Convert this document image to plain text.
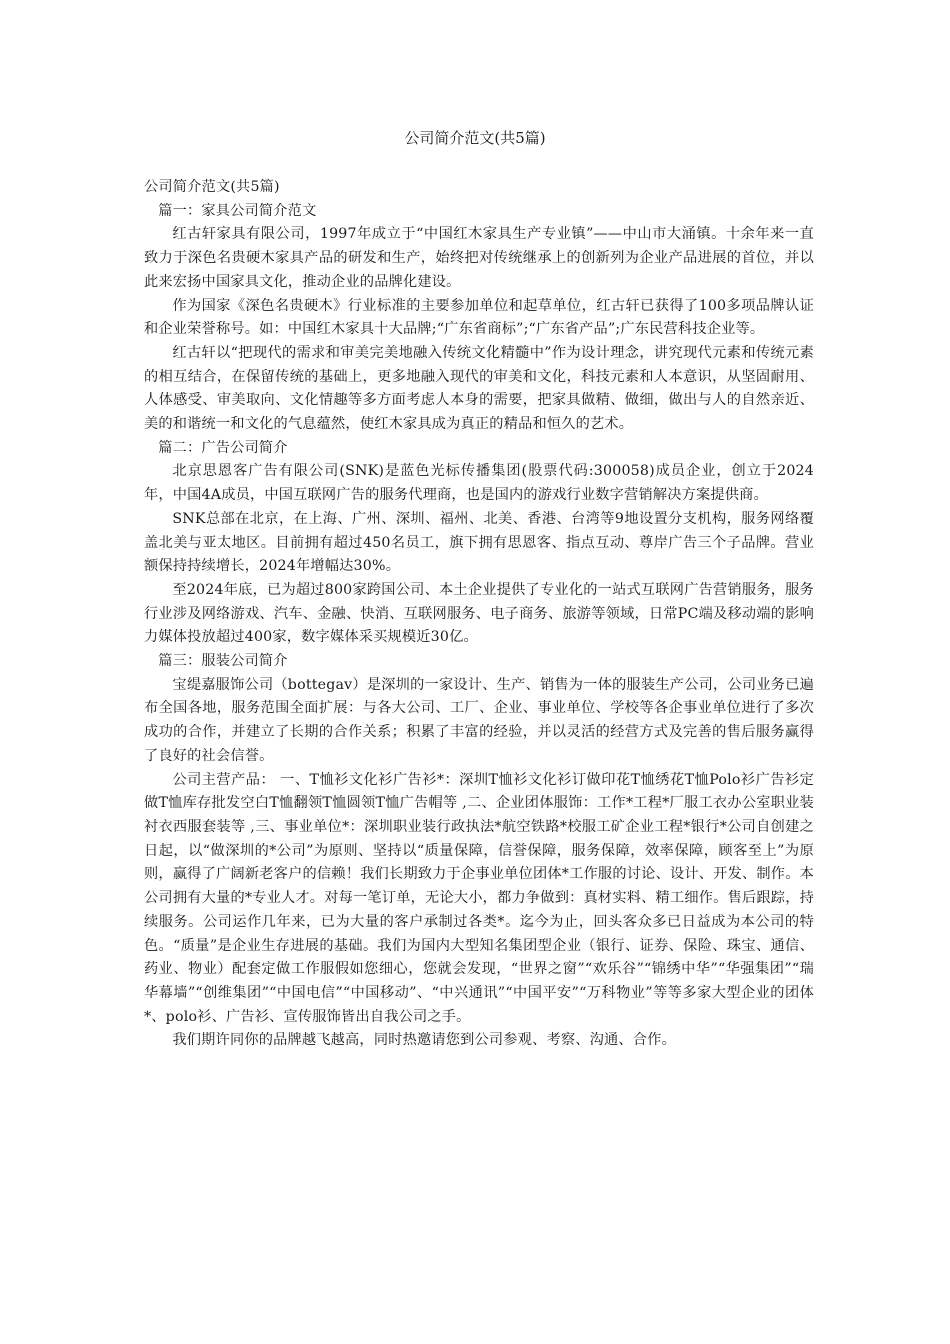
公司简介范文(共5篇)

公司简介范文(共5篇)

篇一：家具公司简介范文

红古轩家具有限公司，1997年成立于“中国红木家具生产专业镇”——中山市大涌镇。十余年来一直致力于深色名贵硬木家具产品的研发和生产，始终把对传统继承上的创新列为企业产品进展的首位，并以此来宏扬中国家具文化，推动企业的品牌化建设。

作为国家《深色名贵硬木》行业标准的主要参加单位和起草单位，红古轩已获得了100多项品牌认证和企业荣誉称号。如：中国红木家具十大品牌;“广东省商标”;“广东省产品”;广东民营科技企业等。

红古轩以“把现代的需求和审美完美地融入传统文化精髓中”作为设计理念，讲究现代元素和传统元素的相互结合，在保留传统的基础上，更多地融入现代的审美和文化，科技元素和人本意识，从坚固耐用、人体感受、审美取向、文化情趣等多方面考虑人本身的需要，把家具做精、做细，做出与人的自然亲近、美的和谐统一和文化的气息蕴然，使红木家具成为真正的精品和恒久的艺术。

篇二：广告公司简介

北京思恩客广告有限公司(SNK)是蓝色光标传播集团(股票代码:300058)成员企业，创立于2024年，中国4A成员，中国互联网广告的服务代理商，也是国内的游戏行业数字营销解决方案提供商。

SNK总部在北京，在上海、广州、深圳、福州、北美、香港、台湾等9地设置分支机构，服务网络覆盖北美与亚太地区。目前拥有超过450名员工，旗下拥有思恩客、指点互动、尊岸广告三个子品牌。营业额保持持续增长，2024年增幅达30%。

至2024年底，已为超过800家跨国公司、本土企业提供了专业化的一站式互联网广告营销服务，服务行业涉及网络游戏、汽车、金融、快消、互联网服务、电子商务、旅游等领域，日常PC端及移动端的影响力媒体投放超过400家，数字媒体采买规模近30亿。

篇三：服装公司简介

宝缇嘉服饰公司（bottegav）是深圳的一家设计、生产、销售为一体的服装生产公司，公司业务已遍布全国各地，服务范围全面扩展：与各大公司、工厂、企业、事业单位、学校等各企事业单位进行了多次成功的合作，并建立了长期的合作关系；积累了丰富的经验，并以灵活的经营方式及完善的售后服务赢得了良好的社会信誉。

公司主营产品： 一、T恤衫文化衫广告衫*：深圳T恤衫文化衫订做印花T恤绣花T恤Polo衫广告衫定做T恤库存批发空白T恤翻领T恤圆领T恤广告帽等 ,二、企业团体服饰：工作*工程*厂服工衣办公室职业装衬衣西服套装等 ,三、事业单位*：深圳职业装行政执法*航空铁路*校服工矿企业工程*银行*公司自创建之日起，以“做深圳的*公司”为原则、坚持以“质量保障，信誉保障，服务保障，效率保障，顾客至上”为原则，赢得了广阔新老客户的信赖！我们长期致力于企事业单位团体*工作服的讨论、设计、开发、制作。本公司拥有大量的*专业人才。对每一笔订单，无论大小，都力争做到：真材实料、精工细作。售后跟踪，持续服务。公司运作几年来，已为大量的客户承制过各类*。迄今为止，回头客众多已日益成为本公司的特色。“质量”是企业生存进展的基础。我们为国内大型知名集团型企业（银行、证券、保险、珠宝、通信、药业、物业）配套定做工作服假如您细心，您就会发现，“世界之窗”“欢乐谷”“锦绣中华”“华强集团”“瑞华幕墙”“创维集团”“中国电信”“中国移动”、“中兴通讯”“中国平安”“万科物业”等等多家大型企业的团体*、polo衫、广告衫、宣传服饰皆出自我公司之手。

我们期许同你的品牌越飞越高，同时热邀请您到公司参观、考察、沟通、合作。
